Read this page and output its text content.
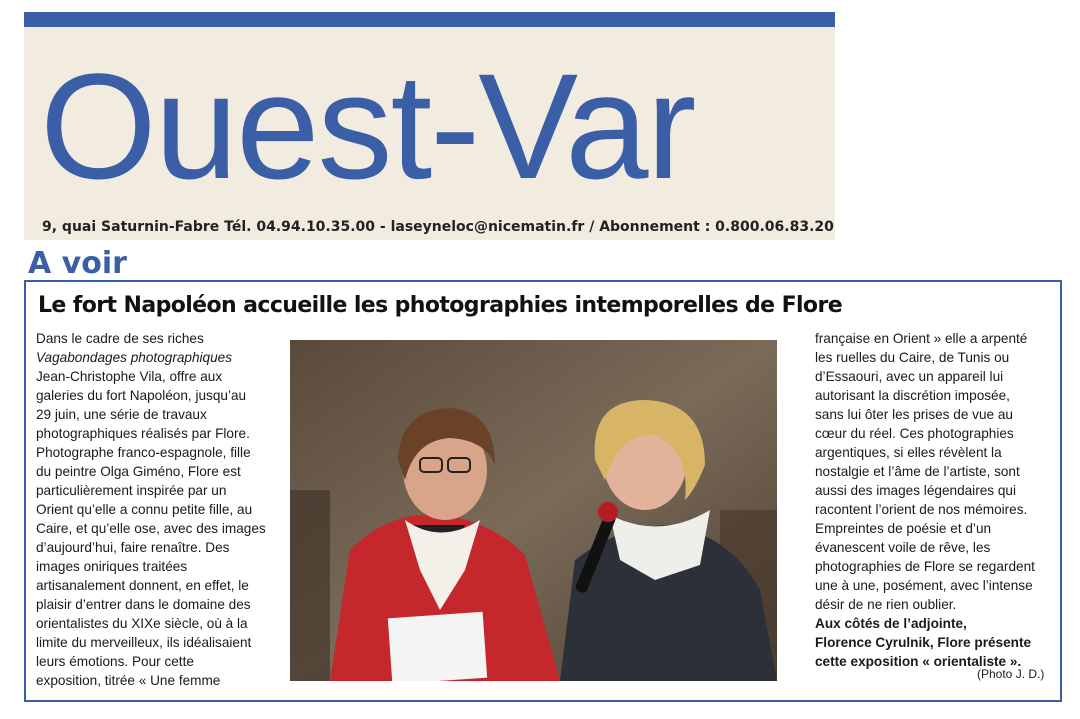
Ouest-Var
9, quai Saturnin-Fabre Tél. 04.94.10.35.00 - laseyneloc@nicematin.fr / Abonnement : 0.800.06.83.20
A voir
Le fort Napoléon accueille les photographies intemporelles de Flore

Dans le cadre de ses riches

Vagabondages photographiques

Jean-Christophe Vila, offre aux

galeries du fort Napoléon, jusqu’au

29 juin, une série de travaux

photographiques réalisés par Flore.

Photographe franco-espagnole, fille

du peintre Olga Giméno, Flore est

particulièrement inspirée par un

Orient qu’elle a connu petite fille, au

Caire, et qu’elle ose, avec des images

d’aujourd’hui, faire renaître. Des

images oniriques traitées

artisanalement donnent, en effet, le

plaisir d’entrer dans le domaine des

orientalistes du XIXe siècle, où à la

limite du merveilleux, ils idéalisaient

leurs émotions. Pour cette

exposition, titrée « Une femme

française en Orient » elle a arpenté

les ruelles du Caire, de Tunis ou

d’Essaouri, avec un appareil lui

autorisant la discrétion imposée,

sans lui ôter les prises de vue au

cœur du réel. Ces photographies

argentiques, si elles révèlent la

nostalgie et l’âme de l’artiste, sont

aussi des images légendaires qui

racontent l’orient de nos mémoires.

Empreintes de poésie et d’un

évanescent voile de rêve, les

photographies de Flore se regardent

une à une, posément, avec l’intense

désir de ne rien oublier.

Aux côtés de l’adjointe,

Florence Cyrulnik, Flore présente

cette exposition « orientaliste ».

(Photo J. D.)
